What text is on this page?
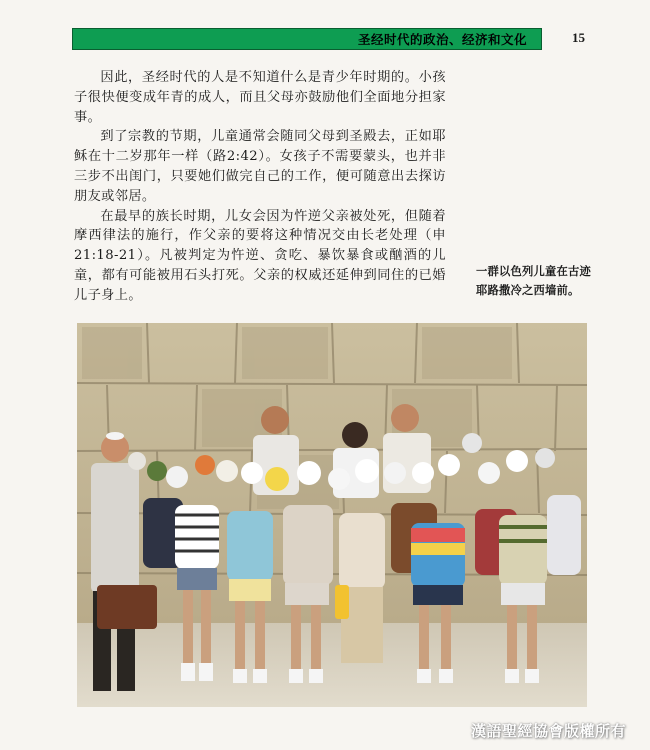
圣经时代的政治、经济和文化	15

因此，圣经时代的人是不知道什么是青少年时期的。小孩子很快便变成年青的成人，而且父母亦鼓励他们全面地分担家事。

到了宗教的节期，儿童通常会随同父母到圣殿去，正如耶稣在十二岁那年一样（路2:42）。女孩子不需要蒙头，也并非三步不出闺门，只要她们做完自己的工作，便可随意出去探访朋友或邻居。

在最早的族长时期，儿女会因为忤逆父亲被处死，但随着摩西律法的施行，作父亲的要将这种情况交由长老处理（申21:18-21）。凡被判定为忤逆、贪吃、暴饮暴食或酗酒的儿童，都有可能被用石头打死。父亲的权威还延伸到同住的已婚儿子身上。

一群以色列儿童在古迹耶路撒冷之西墙前。
漢語聖經協會版權所有
